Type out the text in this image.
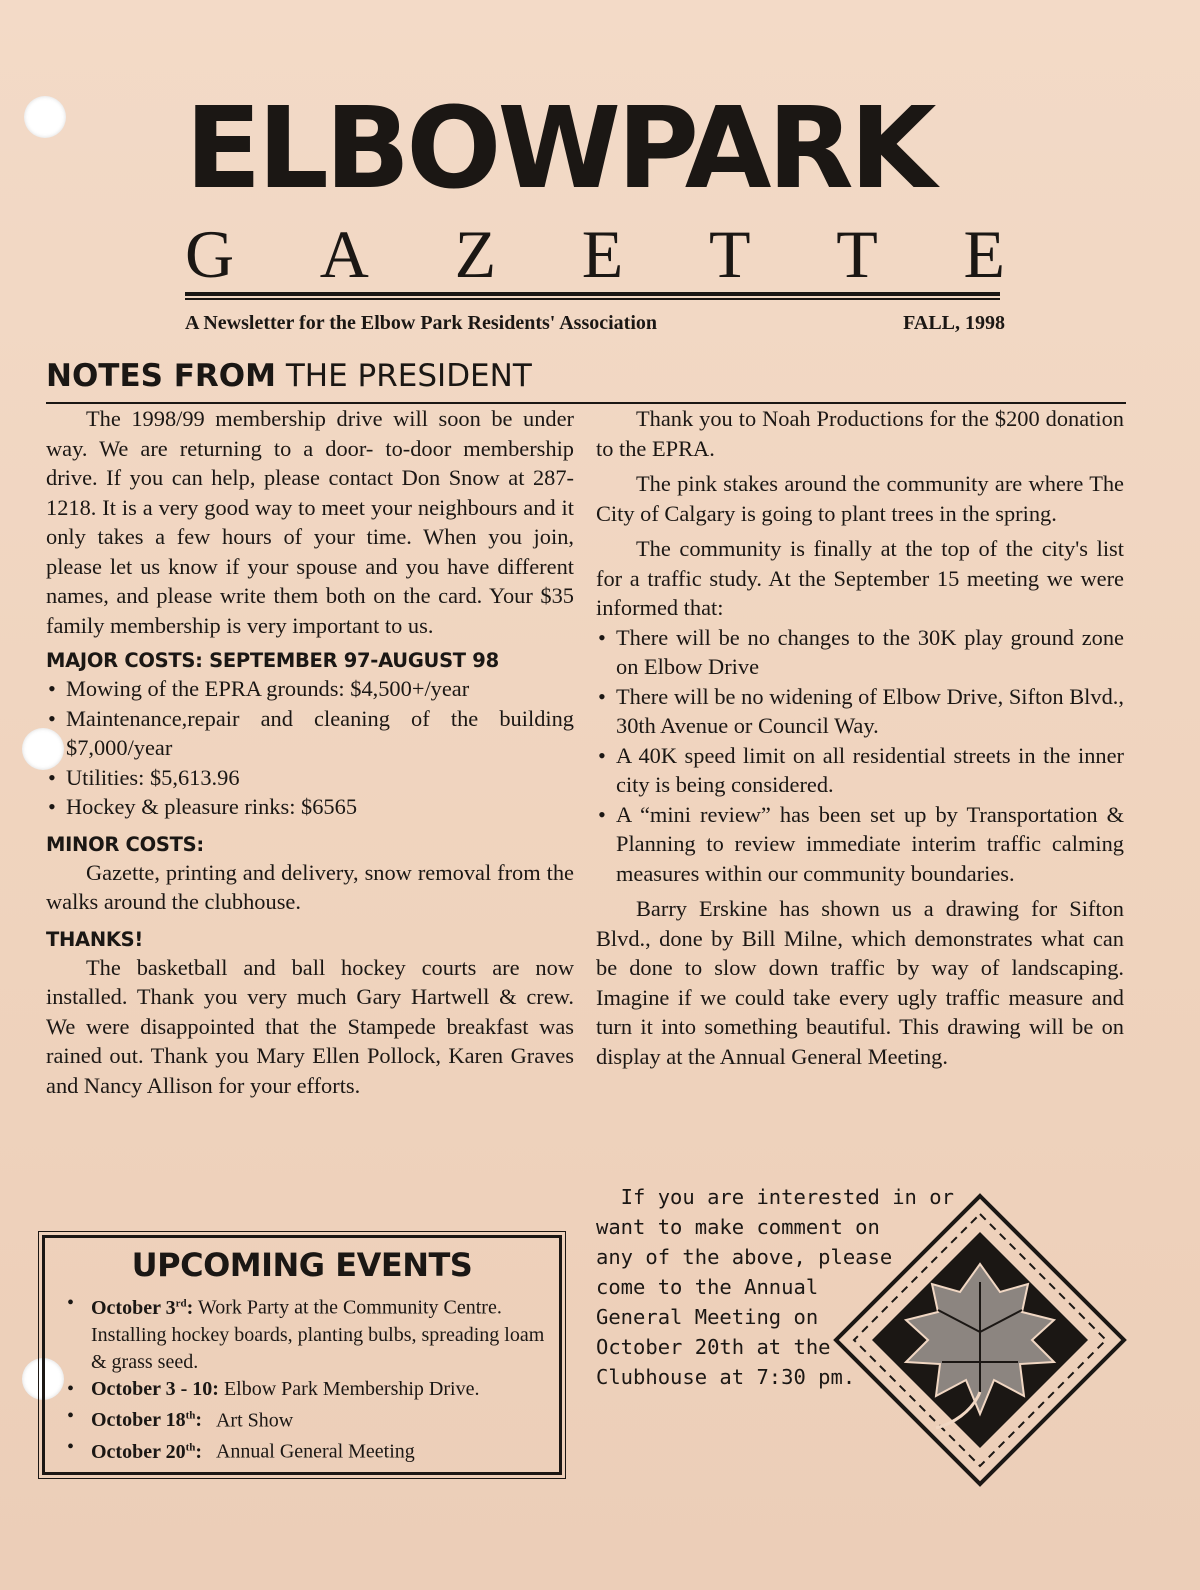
ELBOWPARK
G A Z E T T E
A Newsletter for the Elbow Park Residents' Association	FALL, 1998
NOTES FROM THE PRESIDENT

The 1998/99 membership drive will soon be under way. We are returning to a door- to-door membership drive. If you can help, please contact Don Snow at 287-1218. It is a very good way to meet your neighbours and it only takes a few hours of your time. When you join, please let us know if your spouse and you have different names, and please write them both on the card. Your $35 family membership is very important to us.

MAJOR COSTS: SEPTEMBER 97-AUGUST 98
• Mowing of the EPRA grounds: $4,500+/year
• Maintenance,repair and cleaning of the building $7,000/year
• Utilities: $5,613.96
• Hockey & pleasure rinks: $6565
MINOR COSTS:

Gazette, printing and delivery, snow removal from the walks around the clubhouse.

THANKS!

The basketball and ball hockey courts are now installed. Thank you very much Gary Hartwell & crew. We were disappointed that the Stampede breakfast was rained out. Thank you Mary Ellen Pollock, Karen Graves and Nancy Allison for your efforts.

UPCOMING EVENTS
• October 3rd: Work Party at the Community Centre. Installing hockey boards, planting bulbs, spreading loam & grass seed.
• October 3 - 10: Elbow Park Membership Drive.
• October 18th:   Art Show
• October 20th:   Annual General Meeting

Thank you to Noah Productions for the $200 donation to the EPRA.

The pink stakes around the community are where The City of Calgary is going to plant trees in the spring.

The community is finally at the top of the city's list for a traffic study. At the September 15 meeting we were informed that:

• There will be no changes to the 30K play ground zone on Elbow Drive
• There will be no widening of Elbow Drive, Sifton Blvd., 30th Avenue or Council Way.
• A 40K speed limit on all residential streets in the inner city is being considered.
• A “mini review” has been set up by Transportation & Planning to review immediate interim traffic calming measures within our community boundaries.

Barry Erskine has shown us a drawing for Sifton Blvd., done by Bill Milne, which demonstrates what can be done to slow down traffic by way of landscaping. Imagine if we could take every ugly traffic measure and turn it into something beautiful. This drawing will be on display at the Annual General Meeting.

If you are interested in or
want to make comment on
any of the above, please
come to the Annual
General Meeting on
October 20th at the
Clubhouse at 7:30 pm.
